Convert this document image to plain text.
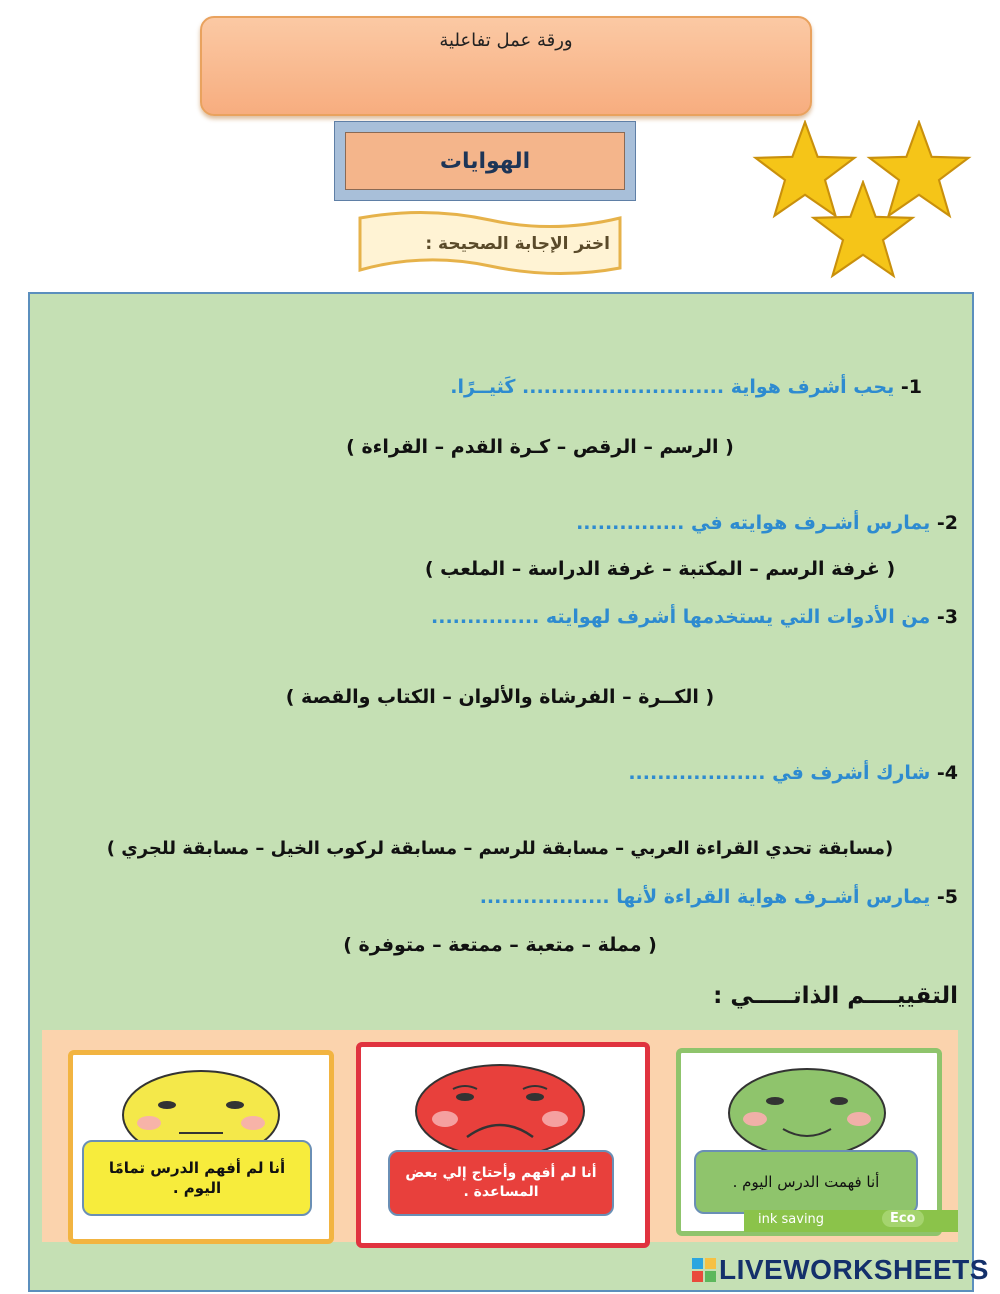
ورقة عمل تفاعلية
الهوايات
اختر الإجابة الصحيحة :
1- يحب أشرف هواية ............................ كَثيــرًا.
( الرسم – الرقص – كـرة القدم – القراءة )
2- يمارس أشـرف هوايته في ...............
( غرفة الرسم – المكتبة – غرفة الدراسة – الملعب )
3- من الأدوات التي يستخدمها أشرف لهوايته ...............
( الكــرة – الفرشاة والألوان – الكتاب والقصة )
4- شارك أشرف في ...................
(مسابقة تحدي القراءة العربي – مسابقة للرسم – مسابقة لركوب الخيل – مسابقة للجري )
5- يمارس أشـرف هواية القراءة لأنها ..................
( مملة – متعبة – ممتعة – متوفرة )
التقييــــم الذاتـــــي :
أنا لم أفهم الدرس تمامًا اليوم .
أنا لم أفهم وأحتاج إلي بعض المساعدة .
أنا فهمت الدرس اليوم .
ink saving	Eco
LIVEWORKSHEETS
